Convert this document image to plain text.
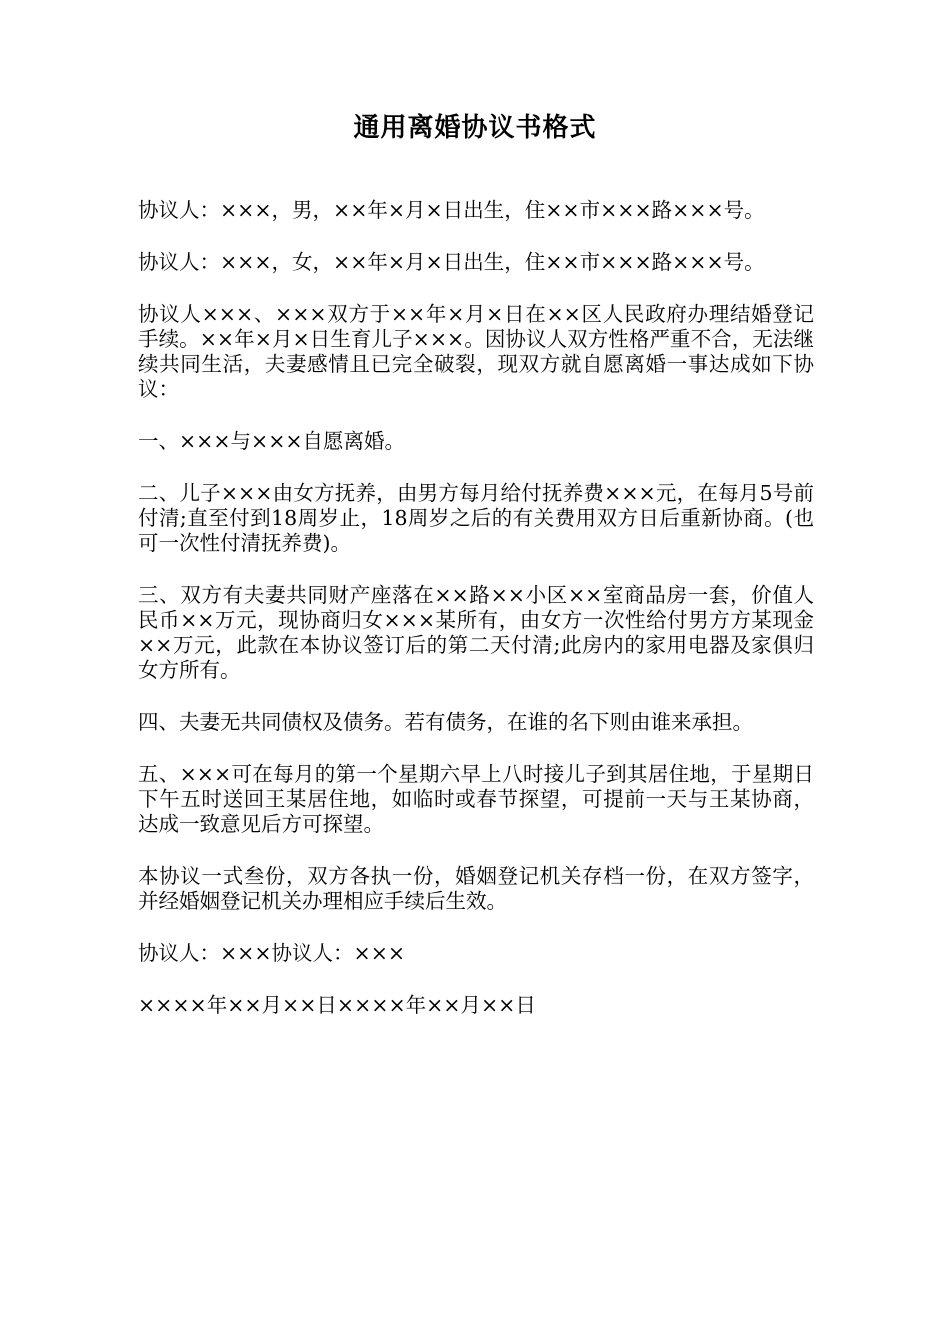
通用离婚协议书格式

协议人：×××，男，××年×月×日出生，住××市×××路×××号。

协议人：×××，女，××年×月×日出生，住××市×××路×××号。

协议人×××、×××双方于××年×月×日在××区人民政府办理结婚登记手续。××年×月×日生育儿子×××。因协议人双方性格严重不合，无法继续共同生活，夫妻感情且已完全破裂，现双方就自愿离婚一事达成如下协议：

一、×××与×××自愿离婚。

二、儿子×××由女方抚养，由男方每月给付抚养费×××元，在每月5号前付清;直至付到18周岁止，18周岁之后的有关费用双方日后重新协商。(也可一次性付清抚养费)。

三、双方有夫妻共同财产座落在××路××小区××室商品房一套，价值人民币××万元，现协商归女×××某所有，由女方一次性给付男方方某现金××万元，此款在本协议签订后的第二天付清;此房内的家用电器及家俱归女方所有。

四、夫妻无共同债权及债务。若有债务，在谁的名下则由谁来承担。

五、×××可在每月的第一个星期六早上八时接儿子到其居住地，于星期日下午五时送回王某居住地，如临时或春节探望，可提前一天与王某协商，达成一致意见后方可探望。

本协议一式叁份，双方各执一份，婚姻登记机关存档一份，在双方签字，并经婚姻登记机关办理相应手续后生效。

协议人：×××协议人：×××

××××年××月××日××××年××月××日
